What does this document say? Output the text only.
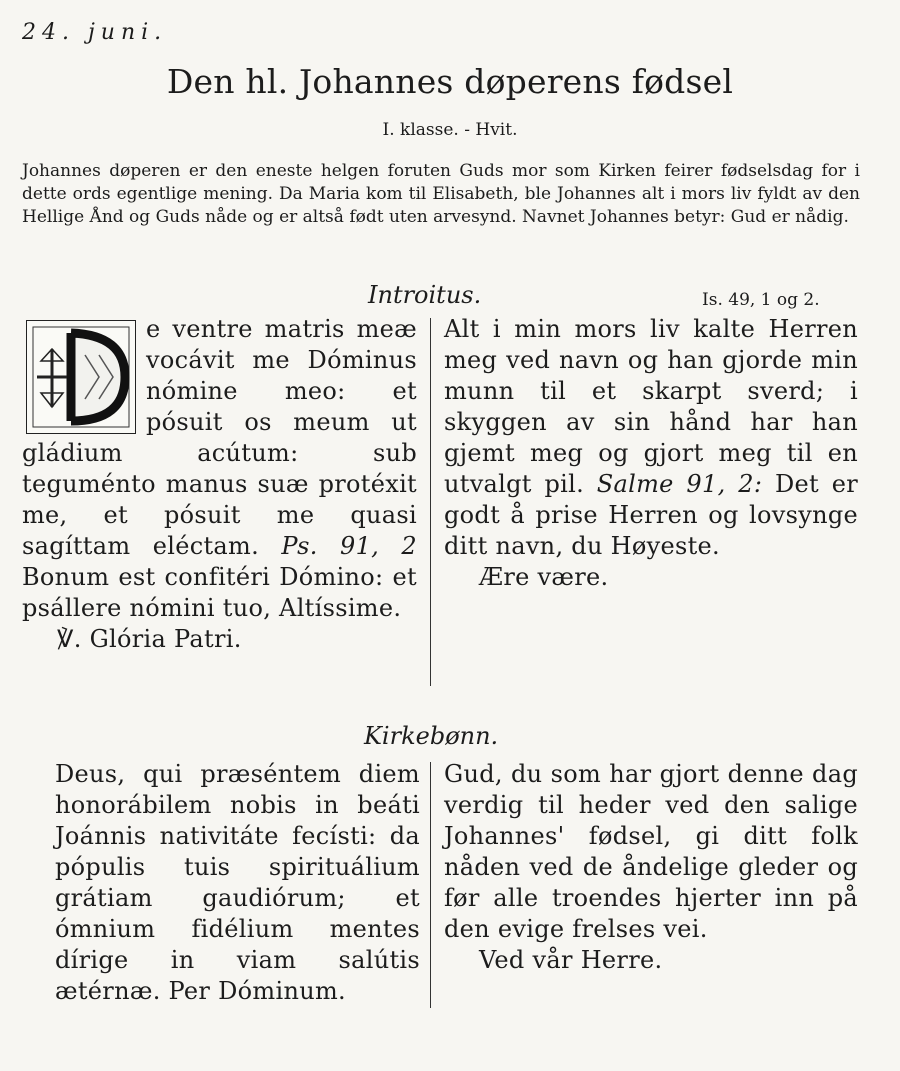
24. juni.
Den hl. Johannes døperens fødsel
I. klasse. - Hvit.
Johannes døperen er den eneste helgen foruten Guds mor som Kirken feirer fødselsdag for i dette ords egentlige mening. Da Maria kom til Elisabeth, ble Johannes alt i mors liv fyldt av den Hellige Ånd og Guds nåde og er altså født uten arvesynd. Navnet Johannes betyr: Gud er nådig.
Introitus.	Is. 49, 1 og 2.

e ventre matris meæ vocávit me Dóminus nómine meo: et pósuit os meum ut gládium acútum: sub teguménto manus suæ protéxit me, et pósuit me quasi sagíttam eléctam. Ps. 91, 2 Bonum est confitéri Dómino: et psállere nómini tuo, Altíssime.

℣. Glória Patri.

Alt i min mors liv kalte Herren meg ved navn og han gjorde min munn til et skarpt sverd; i skyggen av sin hånd har han gjemt meg og gjort meg til en utvalgt pil. Salme 91, 2: Det er godt å prise Herren og lovsynge ditt navn, du Høyeste.

Ære være.

Kirkebønn.

Deus, qui præséntem diem honorábilem nobis in beáti Joánnis nativitáte fecísti: da pópulis tuis spirituálium grátiam gaudiórum; et ómnium fidélium mentes dírige in viam salútis ætérnæ. Per Dóminum.

Gud, du som har gjort denne dag verdig til heder ved den salige Johannes' fødsel, gi ditt folk nåden ved de åndelige gleder og før alle troendes hjerter inn på den evige frelses vei.

Ved vår Herre.
